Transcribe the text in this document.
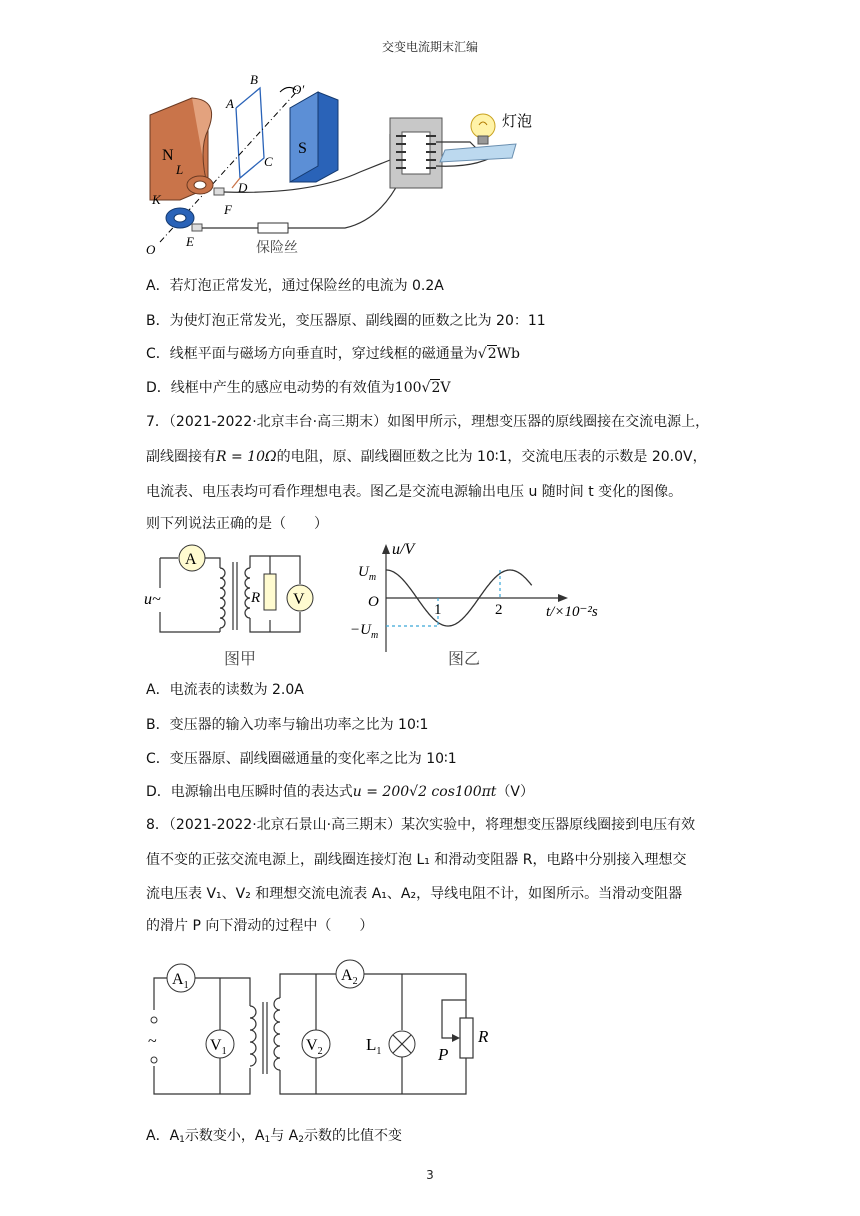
交变电流期末汇编
N	S
B
A
O′
C
L
D
F
K
E
O
灯泡
保险丝
A．若灯泡正常发光，通过保险丝的电流为 0.2A
B．为使灯泡正常发光，变压器原、副线圈的匝数之比为 20：11
C．线框平面与磁场方向垂直时，穿过线框的磁通量为√2Wb
D．线框中产生的感应电动势的有效值为100√2V
7．（2021-2022·北京丰台·高三期末）如图甲所示，理想变压器的原线圈接在交流电源上，
副线圈接有R = 10Ω的电阻，原、副线圈匝数之比为 10∶1，交流电压表的示数是 20.0V，
电流表、电压表均可看作理想电表。图乙是交流电源输出电压 u 随时间 t 变化的图像。
则下列说法正确的是（　　）
u~
A
R V
图甲
u/V
$U_m$
O
$-U_m$
1	2	t/×10⁻²s
图乙
A．电流表的读数为 2.0A
B．变压器的输入功率与输出功率之比为 10∶1
C．变压器原、副线圈磁通量的变化率之比为 10∶1
D．电源输出电压瞬时值的表达式u = 200√2 cos100πt（V）
8．（2021-2022·北京石景山·高三期末）某次实验中，将理想变压器原线圈接到电压有效
值不变的正弦交流电源上，副线圈连接灯泡 L₁ 和滑动变阻器 R，电路中分别接入理想交
流电压表 V₁、V₂ 和理想交流电流表 A₁、A₂，导线电阻不计，如图所示。当滑动变阻器
的滑片 P 向下滑动的过程中（　　）
$A_1$
~	$V_1$
$A_2$
$V_2$	$L_1$	P
R
A．$A_1$示数变小，$A_1$与 $A_2$示数的比值不变
3
